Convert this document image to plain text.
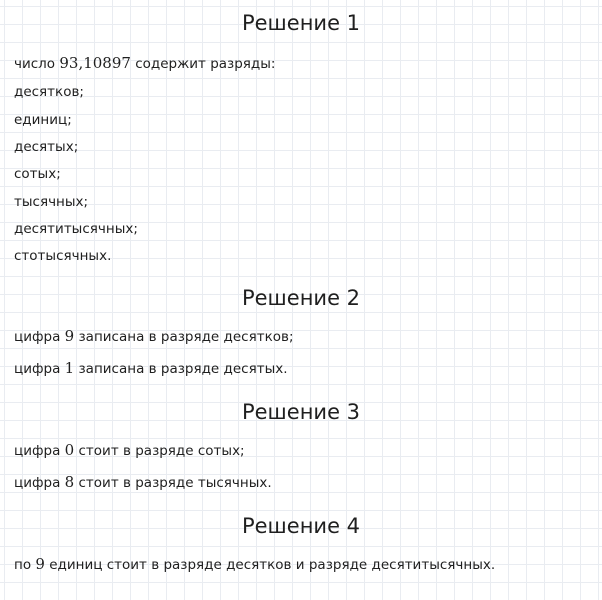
Решение 1

число 93,10897 содержит разряды:

десятков;

единиц;

десятых;

сотых;

тысячных;

десятитысячных;

стотысячных.

Решение 2

цифра 9 записана в разряде десятков;

цифра 1 записана в разряде десятых.

Решение 3

цифра 0 стоит в разряде сотых;

цифра 8 стоит в разряде тысячных.

Решение 4

по 9 единиц стоит в разряде десятков и разряде десятитысячных.
